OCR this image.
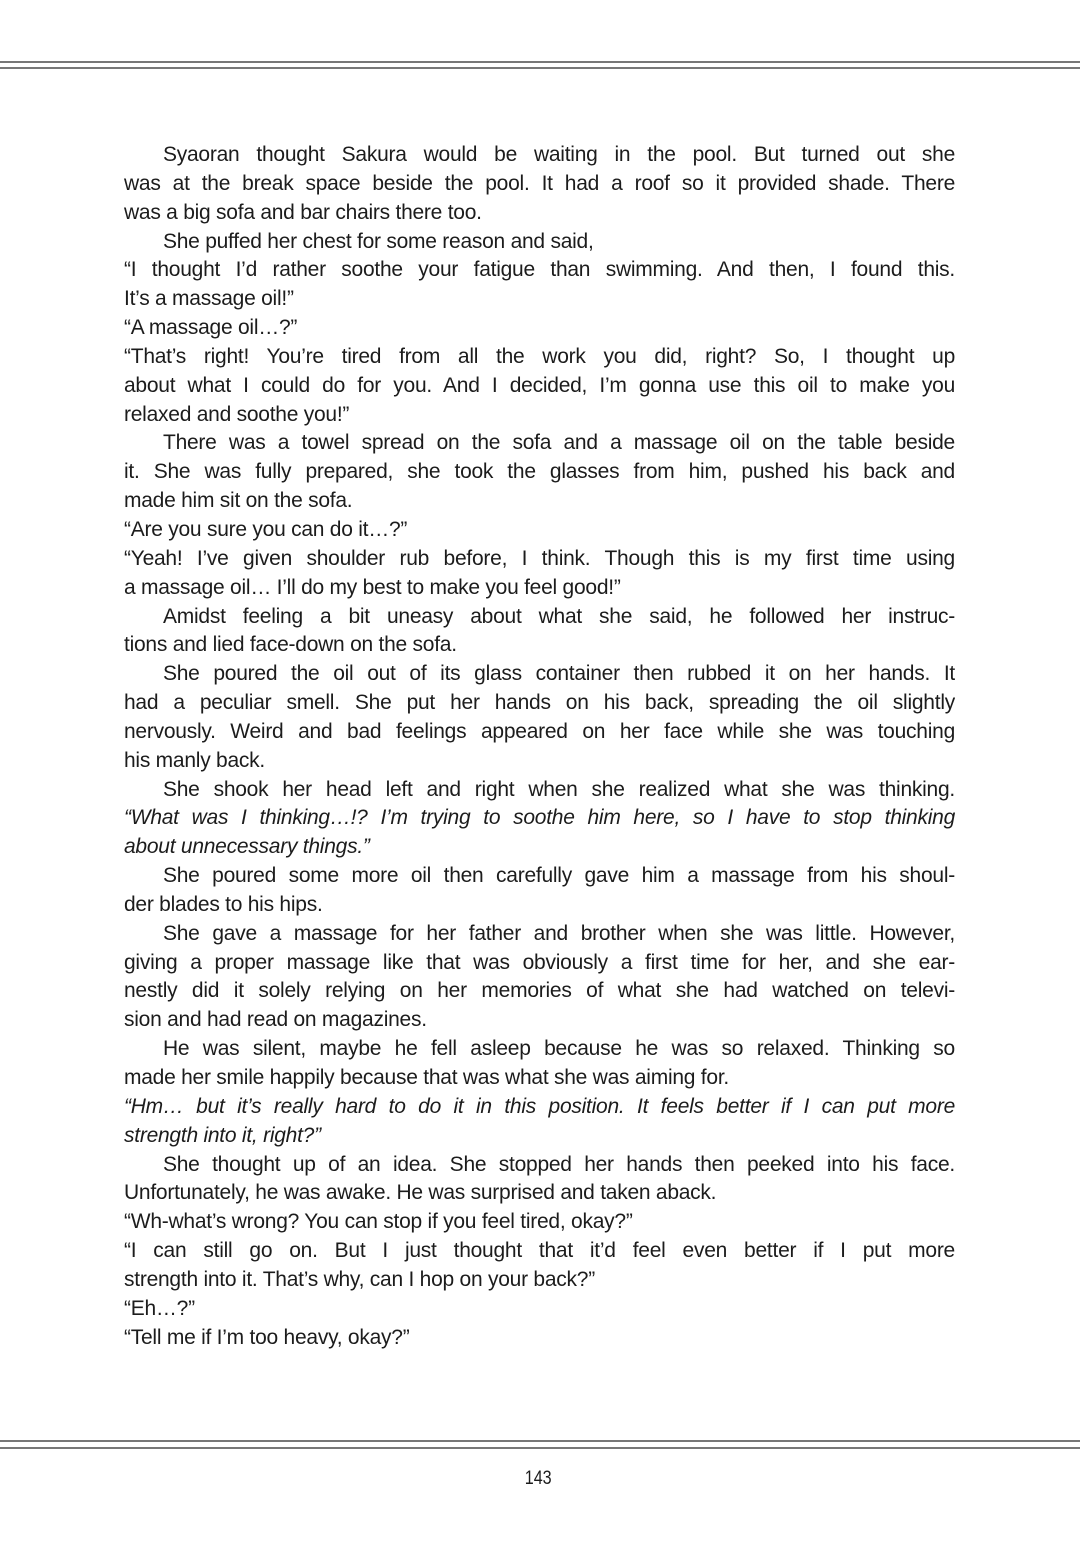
Syaoran thought Sakura would be waiting in the pool. But turned out she
was at the break space beside the pool. It had a roof so it provided shade. There
was a big sofa and bar chairs there too.
She puffed her chest for some reason and said,
“I thought I’d rather soothe your fatigue than swimming. And then, I found this.
It’s a massage oil!”
“A massage oil…?”
“That’s right! You’re tired from all the work you did, right? So, I thought up
about what I could do for you. And I decided, I’m gonna use this oil to make you
relaxed and soothe you!”
There was a towel spread on the sofa and a massage oil on the table beside
it. She was fully prepared, she took the glasses from him, pushed his back and
made him sit on the sofa.
“Are you sure you can do it…?”
“Yeah! I’ve given shoulder rub before, I think. Though this is my first time using
a massage oil… I’ll do my best to make you feel good!”
Amidst feeling a bit uneasy about what she said, he followed her instruc-
tions and lied face-down on the sofa.
She poured the oil out of its glass container then rubbed it on her hands. It
had a peculiar smell. She put her hands on his back, spreading the oil slightly
nervously. Weird and bad feelings appeared on her face while she was touching
his manly back.
She shook her head left and right when she realized what she was thinking.
“What was I thinking…!? I’m trying to soothe him here, so I have to stop thinking
about unnecessary things.”
She poured some more oil then carefully gave him a massage from his shoul-
der blades to his hips.
She gave a massage for her father and brother when she was little. However,
giving a proper massage like that was obviously a first time for her, and she ear-
nestly did it solely relying on her memories of what she had watched on televi-
sion and had read on magazines.
He was silent, maybe he fell asleep because he was so relaxed. Thinking so
made her smile happily because that was what she was aiming for.
“Hm… but it’s really hard to do it in this position. It feels better if I can put more
strength into it, right?”
She thought up of an idea. She stopped her hands then peeked into his face.
Unfortunately, he was awake. He was surprised and taken aback.
“Wh-what’s wrong? You can stop if you feel tired, okay?”
“I can still go on. But I just thought that it’d feel even better if I put more
strength into it. That’s why, can I hop on your back?”
“Eh…?”
“Tell me if I’m too heavy, okay?”
143
